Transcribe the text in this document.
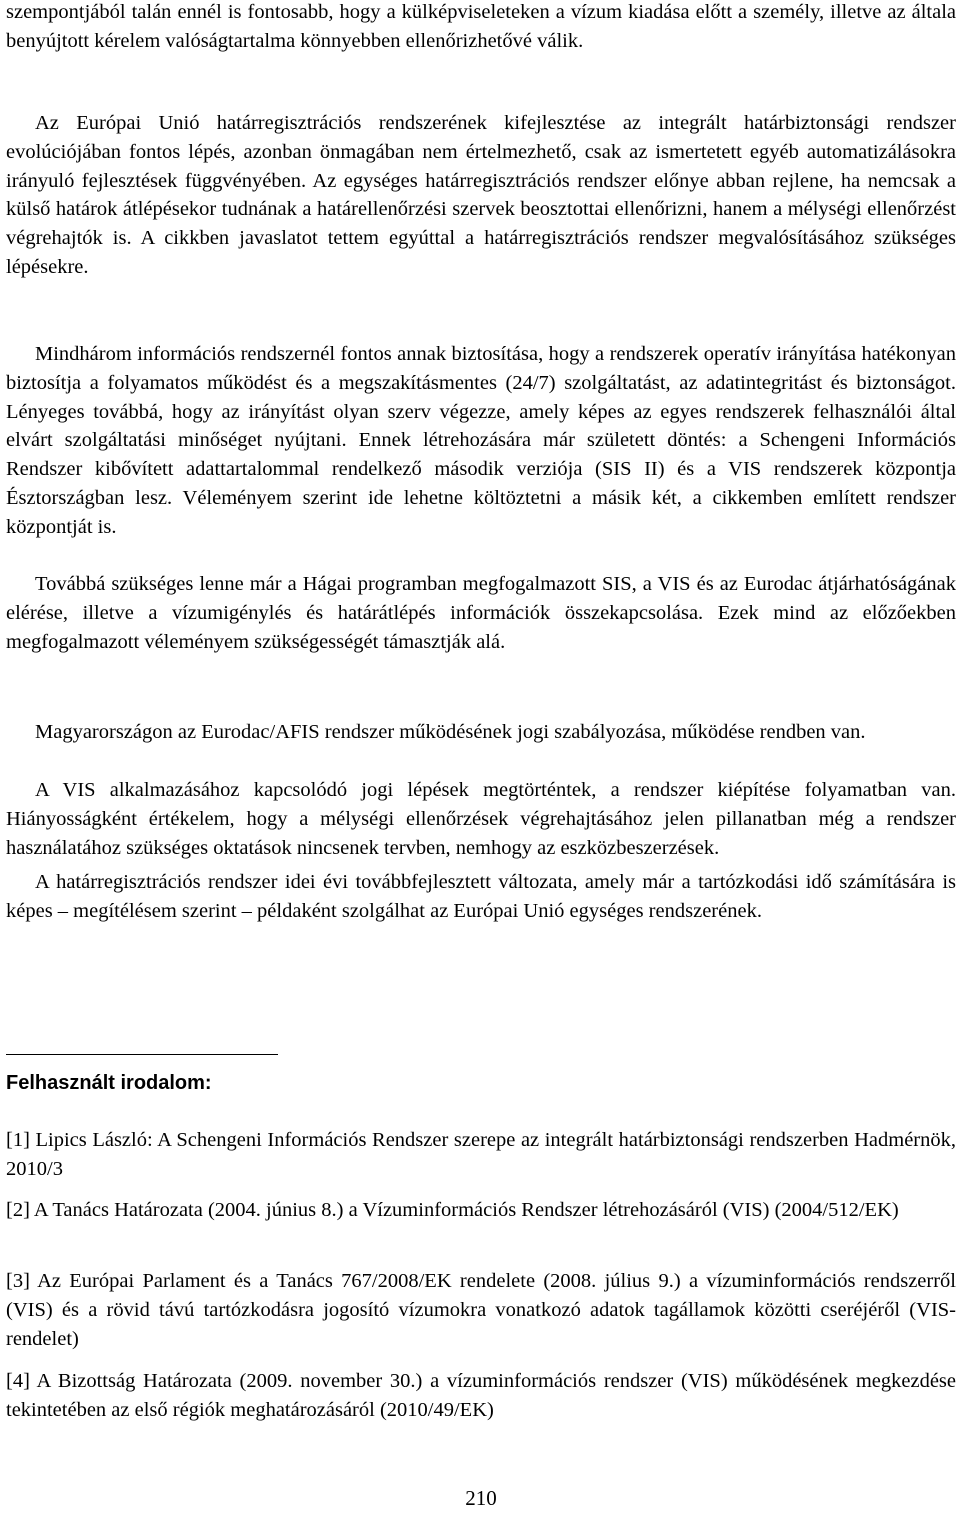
szempontjából talán ennél is fontosabb, hogy a külképviseleteken a vízum kiadása előtt a személy, illetve az általa benyújtott kérelem valóságtartalma könnyebben ellenőrizhetővé válik.

Az Európai Unió határregisztrációs rendszerének kifejlesztése az integrált határbiztonsági rendszer evolúciójában fontos lépés, azonban önmagában nem értelmezhető, csak az ismertetett egyéb automatizálásokra irányuló fejlesztések függvényében. Az egységes határregisztrációs rendszer előnye abban rejlene, ha nemcsak a külső határok átlépésekor tudnának a határellenőrzési szervek beosztottai ellenőrizni, hanem a mélységi ellenőrzést végrehajtók is. A cikkben javaslatot tettem egyúttal a határregisztrációs rendszer megvalósításához szükséges lépésekre.

Mindhárom információs rendszernél fontos annak biztosítása, hogy a rendszerek operatív irányítása hatékonyan biztosítja a folyamatos működést és a megszakításmentes (24/7) szolgáltatást, az adatintegritást és biztonságot. Lényeges továbbá, hogy az irányítást olyan szerv végezze, amely képes az egyes rendszerek felhasználói által elvárt szolgáltatási minőséget nyújtani. Ennek létrehozására már született döntés: a Schengeni Információs Rendszer kibővített adattartalommal rendelkező második verziója (SIS II) és a VIS rendszerek központja Észtországban lesz. Véleményem szerint ide lehetne költöztetni a másik két, a cikkemben említett rendszer központját is.

Továbbá szükséges lenne már a Hágai programban megfogalmazott SIS, a VIS és az Eurodac átjárhatóságának elérése, illetve a vízumigénylés és határátlépés információk összekapcsolása. Ezek mind az előzőekben megfogalmazott véleményem szükségességét támasztják alá.

Magyarországon az Eurodac/AFIS rendszer működésének jogi szabályozása, működése rendben van.

A VIS alkalmazásához kapcsolódó jogi lépések megtörténtek, a rendszer kiépítése folyamatban van. Hiányosságként értékelem, hogy a mélységi ellenőrzések végrehajtásához jelen pillanatban még a rendszer használatához szükséges oktatások nincsenek tervben, nemhogy az eszközbeszerzések.

A határregisztrációs rendszer idei évi továbbfejlesztett változata, amely már a tartózkodási idő számítására is képes – megítélésem szerint – példaként szolgálhat az Európai Unió egységes rendszerének.

Felhasznált irodalom:

[1] Lipics László: A Schengeni Információs Rendszer szerepe az integrált határbiztonsági rendszerben Hadmérnök, 2010/3

[2] A Tanács Határozata (2004. június 8.) a Vízuminformációs Rendszer létrehozásáról (VIS) (2004/512/EK)

[3] Az Európai Parlament és a Tanács 767/2008/EK rendelete (2008. július 9.) a vízuminformációs rendszerről (VIS) és a rövid távú tartózkodásra jogosító vízumokra vonatkozó adatok tagállamok közötti cseréjéről (VIS-rendelet)

[4] A Bizottság Határozata (2009. november 30.) a vízuminformációs rendszer (VIS) működésének megkezdése tekintetében az első régiók meghatározásáról (2010/49/EK)

210
